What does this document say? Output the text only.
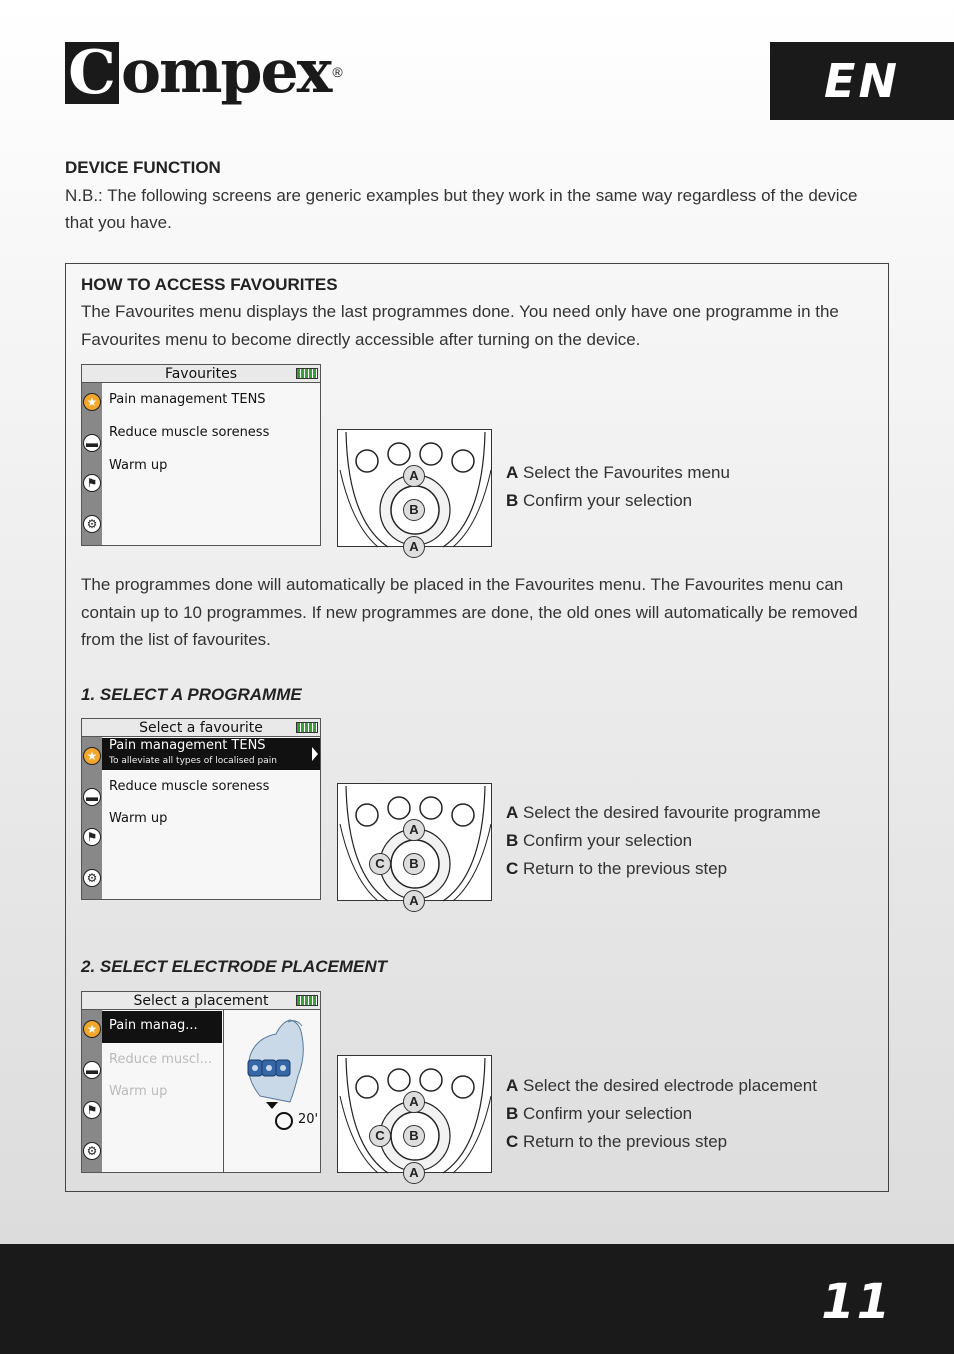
C ompex ®	EN
DEVICE FUNCTION
N.B.: The following screens are generic examples but they work in the same way regardless of the device that you have.
HOW TO ACCESS FAVOURITES
The Favourites menu displays the last programmes done. You need only have one programme in the Favourites menu to become directly accessible after turning on the device.
Favourites
★
▬
⚑
⚙
Pain management TENS
Reduce muscle soreness
Warm up
A
B
A
A Select the Favourites menu
B Confirm your selection
The programmes done will automatically be placed in the Favourites menu. The Favourites menu can contain up to 10 programmes. If new programmes are done, the old ones will automatically be removed from the list of favourites.
1. SELECT A PROGRAMME
Select a favourite
★
▬
⚑
⚙
Pain management TENS
To alleviate all types of localised pain
Reduce muscle soreness
Warm up
A
C	B
A
A Select the desired favourite programme
B Confirm your selection
C Return to the previous step
2. SELECT ELECTRODE PLACEMENT
Select a placement
★
▬
⚑
⚙
Pain manag...
Reduce muscl...
Warm up
20'
A
C	B
A
A Select the desired electrode placement
B Confirm your selection
C Return to the previous step
11
